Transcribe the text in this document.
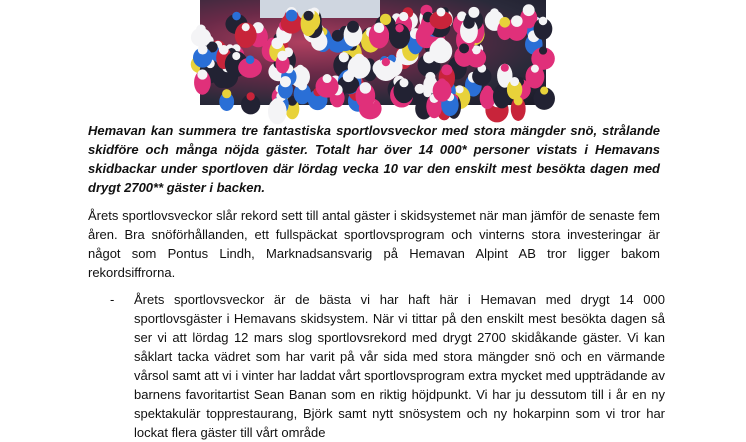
Hemavan kan summera tre fantastiska sportlovsveckor med stora mängder snö, strålande skidföre och många nöjda gäster. Totalt har över 14 000* personer vistats i Hemavans skidbackar under sportloven där lördag vecka 10 var den enskilt mest besökta dagen med drygt 2700** gäster i backen.

Årets sportlovsveckor slår rekord sett till antal gäster i skidsystemet när man jämför de senaste fem åren. Bra snöförhållanden, ett fullspäckat sportlovsprogram och vinterns stora investeringar är något som Pontus Lindh, Marknadsansvarig på Hemavan Alpint AB tror ligger bakom rekordsiffrorna.

-	Årets sportlovsveckor är de bästa vi har haft här i Hemavan med drygt 14 000 sportlovsgäster i Hemavans skidsystem. När vi tittar på den enskilt mest besökta dagen så ser vi att lördag 12 mars slog sportlovsrekord med drygt 2700 skidåkande gäster. Vi kan såklart tacka vädret som har varit på vår sida med stora mängder snö och en värmande vårsol samt att vi i vinter har laddat vårt sportlovsprogram extra mycket med uppträdande av barnens favoritartist Sean Banan som en riktig höjdpunkt. Vi har ju dessutom till i år en ny spektakulär topprestaurang, Björk samt nytt snösystem och ny hokarpinn som vi tror har lockat flera gäster till vårt område
